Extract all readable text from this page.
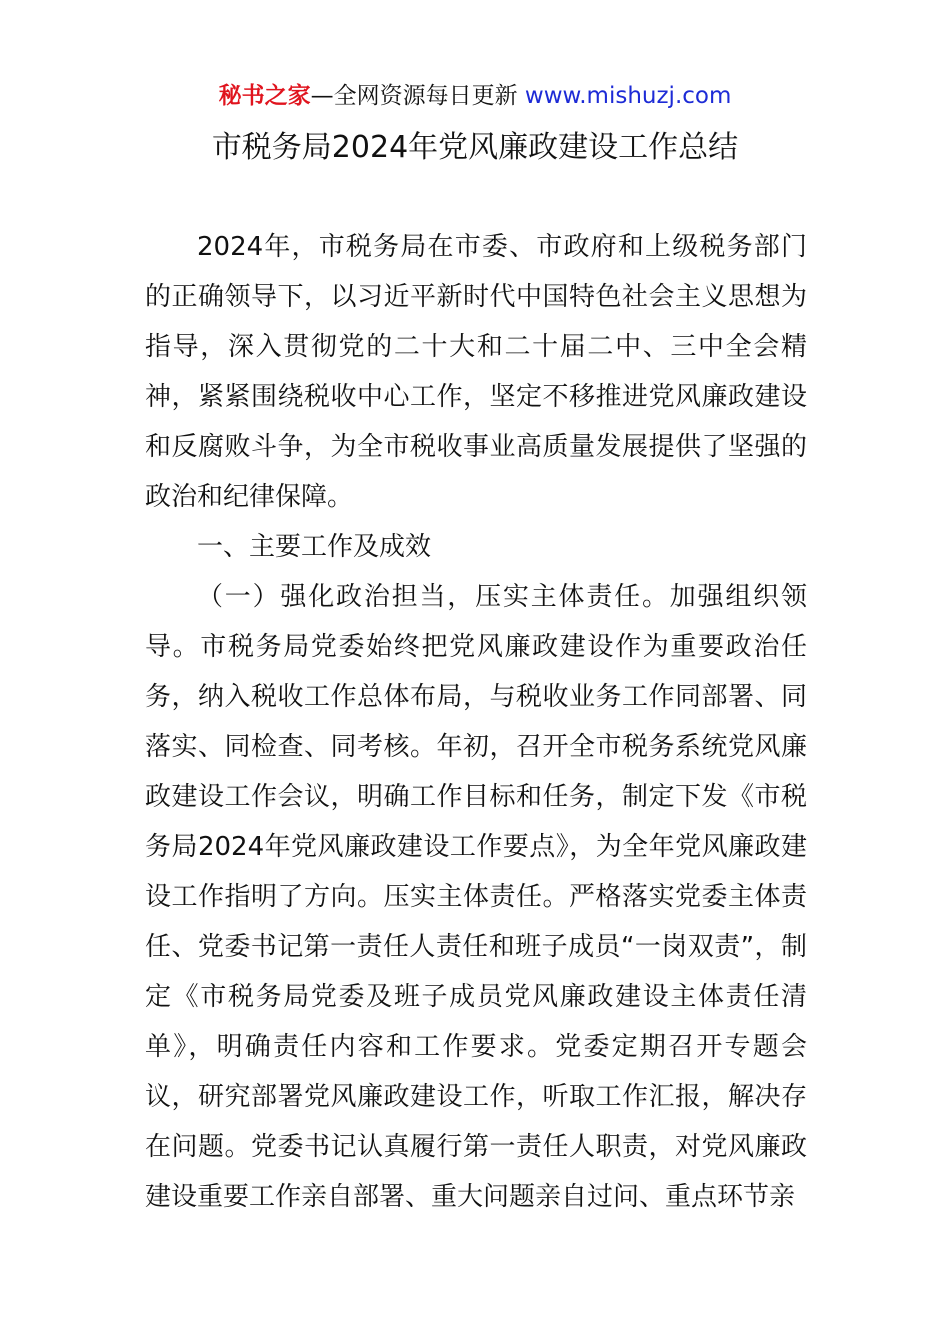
秘书之家—全网资源每日更新 www.mishuzj.com
市税务局2024年党风廉政建设工作总结

2024年，市税务局在市委、市政府和上级税务部门的正确领导下，以习近平新时代中国特色社会主义思想为指导，深入贯彻党的二十大和二十届二中、三中全会精神，紧紧围绕税收中心工作，坚定不移推进党风廉政建设和反腐败斗争，为全市税收事业高质量发展提供了坚强的政治和纪律保障。

一、主要工作及成效

（一）强化政治担当，压实主体责任。加强组织领导。市税务局党委始终把党风廉政建设作为重要政治任务，纳入税收工作总体布局，与税收业务工作同部署、同落实、同检查、同考核。年初，召开全市税务系统党风廉政建设工作会议，明确工作目标和任务，制定下发《市税务局2024年党风廉政建设工作要点》，为全年党风廉政建设工作指明了方向。压实主体责任。严格落实党委主体责任、党委书记第一责任人责任和班子成员“一岗双责”，制定《市税务局党委及班子成员党风廉政建设主体责任清单》，明确责任内容和工作要求。党委定期召开专题会议，研究部署党风廉政建设工作，听取工作汇报，解决存在问题。党委书记认真履行第一责任人职责，对党风廉政建设重要工作亲自部署、重大问题亲自过问、重点环节亲
